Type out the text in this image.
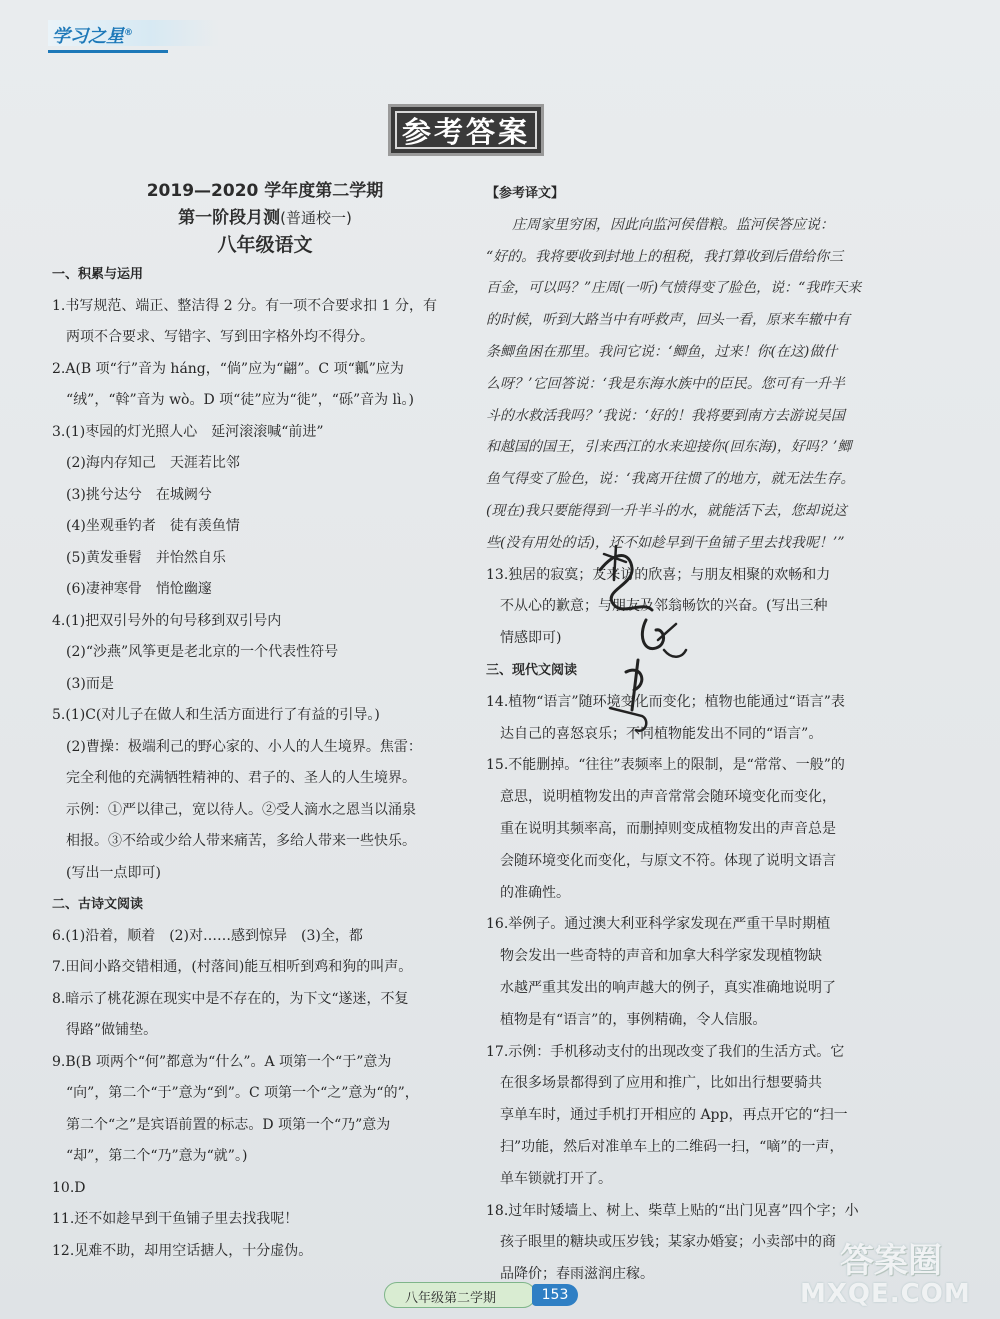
学习之星®
参考答案
2019—2020 学年度第二学期
第一阶段月测(普通校一)
八年级语文
一、积累与运用
1.书写规范、端正、整洁得 2 分。有一项不合要求扣 1 分，有
两项不合要求、写错字、写到田字格外均不得分。
2.A(B 项“行”音为 háng，“倘”应为“翩”。C 项“瓤”应为
“绒”，“斡”音为 wò。D 项“徒”应为“徙”，“砾”音为 lì。)
3.(1)枣园的灯光照人心　延河滚滚喊“前进”
(2)海内存知己　天涯若比邻
(3)挑兮达兮　在城阙兮
(4)坐观垂钓者　徒有羡鱼情
(5)黄发垂髫　并怡然自乐
(6)凄神寒骨　悄怆幽邃
4.(1)把双引号外的句号移到双引号内
(2)“沙燕”风筝更是老北京的一个代表性符号
(3)而是
5.(1)C(对儿子在做人和生活方面进行了有益的引导。)
(2)曹操：极端利己的野心家的、小人的人生境界。焦雷：
完全利他的充满牺牲精神的、君子的、圣人的人生境界。
示例：①严以律己，宽以待人。②受人滴水之恩当以涌泉
相报。③不给或少给人带来痛苦，多给人带来一些快乐。
(写出一点即可)
二、古诗文阅读
6.(1)沿着，顺着　(2)对……感到惊异　(3)全，都
7.田间小路交错相通，(村落间)能互相听到鸡和狗的叫声。
8.暗示了桃花源在现实中是不存在的，为下文“遂迷，不复
得路”做铺垫。
9.B(B 项两个“何”都意为“什么”。A 项第一个“于”意为
“向”，第二个“于”意为“到”。C 项第一个“之”意为“的”，
第二个“之”是宾语前置的标志。D 项第一个“乃”意为
“却”，第二个“乃”意为“就”。)
10.D
11.还不如趁早到干鱼铺子里去找我呢！
12.见难不助，却用空话搪人，十分虚伪。
【参考译文】
庄周家里穷困，因此向监河侯借粮。监河侯答应说：
“好的。我将要收到封地上的租税，我打算收到后借给你三
百金，可以吗？”庄周(一听)气愤得变了脸色，说：“我昨天来
的时候，听到大路当中有呼救声，回头一看，原来车辙中有
条鲫鱼困在那里。我问它说：‘鲫鱼，过来！你(在这)做什
么呀？’它回答说：‘我是东海水族中的臣民。您可有一升半
斗的水救活我吗？’我说：‘好的！我将要到南方去游说吴国
和越国的国王，引来西江的水来迎接你(回东海)，好吗？’鲫
鱼气得变了脸色，说：‘我离开往惯了的地方，就无法生存。
(现在)我只要能得到一升半斗的水，就能活下去，您却说这
些(没有用处的话)，还不如趁早到干鱼铺子里去找我呢！’”
13.独居的寂寞；友来访的欣喜；与朋友相聚的欢畅和力
不从心的歉意；与朋友及邻翁畅饮的兴奋。(写出三种
情感即可)
三、现代文阅读
14.植物“语言”随环境变化而变化；植物也能通过“语言”表
达自己的喜怒哀乐；不同植物能发出不同的“语言”。
15.不能删掉。“往往”表频率上的限制，是“常常、一般”的
意思，说明植物发出的声音常常会随环境变化而变化，
重在说明其频率高，而删掉则变成植物发出的声音总是
会随环境变化而变化，与原文不符。体现了说明文语言
的准确性。
16.举例子。通过澳大利亚科学家发现在严重干旱时期植
物会发出一些奇特的声音和加拿大科学家发现植物缺
水越严重其发出的响声越大的例子，真实准确地说明了
植物是有“语言”的，事例精确，令人信服。
17.示例：手机移动支付的出现改变了我们的生活方式。它
在很多场景都得到了应用和推广，比如出行想要骑共
享单车时，通过手机打开相应的 App，再点开它的“扫一
扫”功能，然后对准单车上的二维码一扫，“嘀”的一声，
单车锁就打开了。
18.过年时矮墙上、树上、柴草上贴的“出门见喜”四个字；小
孩子眼里的糖块或压岁钱；某家办婚宴；小卖部中的商
品降价；春雨滋润庄稼。
八年级第二学期	153
答案圈
MXQE.COM
